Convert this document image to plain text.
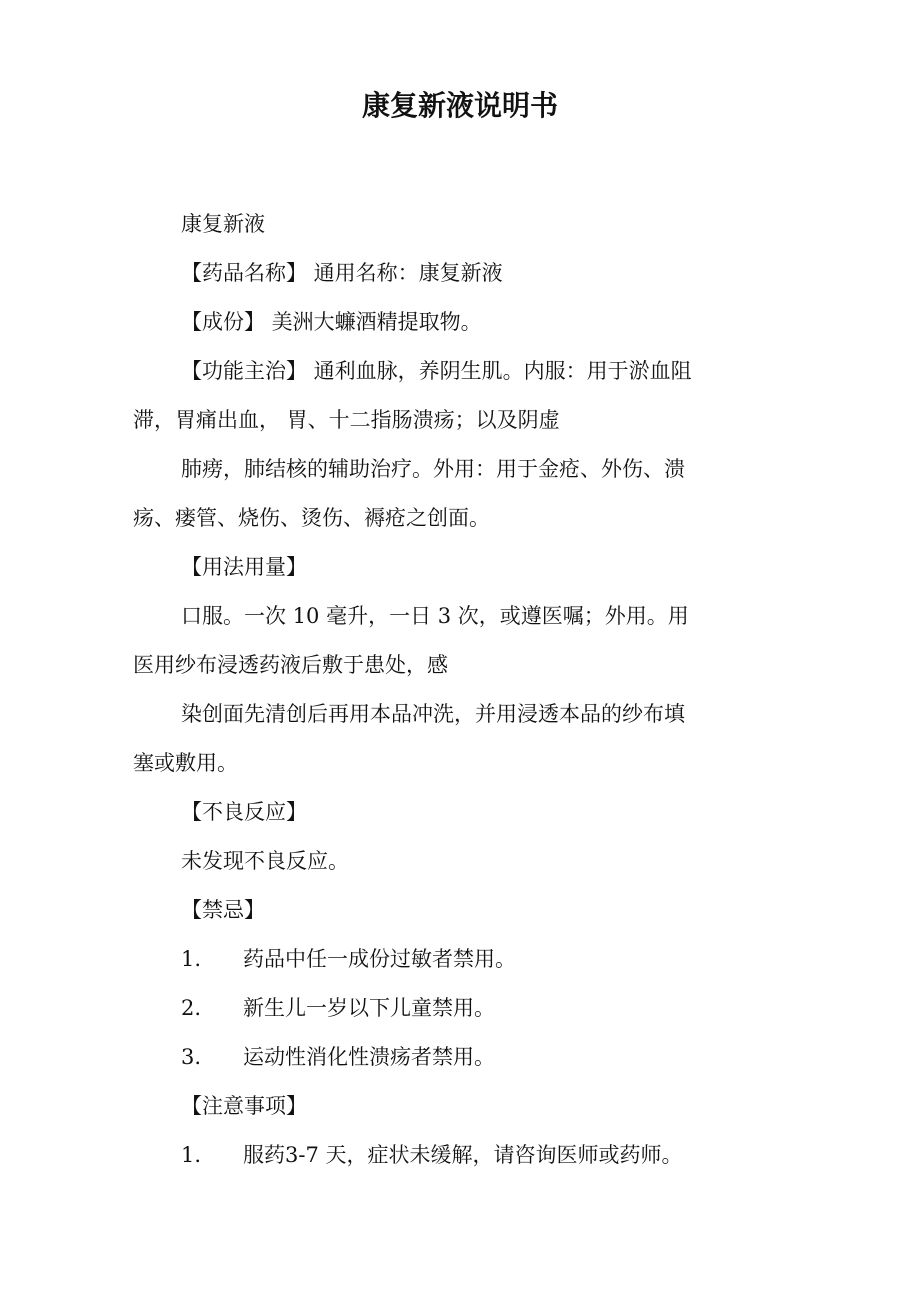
康复新液说明书

康复新液

【药品名称】 通用名称：康复新液

【成份】 美洲大蠊酒精提取物。

【功能主治】 通利血脉，养阴生肌。内服：用于淤血阻

滞，胃痛出血， 胃、十二指肠溃疡；以及阴虚

肺痨，肺结核的辅助治疗。外用：用于金疮、外伤、溃

疡、瘘管、烧伤、烫伤、褥疮之创面。

【用法用量】

口服。一次 10 毫升，一日 3 次，或遵医嘱；外用。用

医用纱布浸透药液后敷于患处，感

染创面先清创后再用本品冲洗，并用浸透本品的纱布填

塞或敷用。

【不良反应】

未发现不良反应。

【禁忌】

1. 药品中任一成份过敏者禁用。

2. 新生儿一岁以下儿童禁用。

3. 运动性消化性溃疡者禁用。

【注意事项】

1. 服药3-7 天，症状未缓解，请咨询医师或药师。
